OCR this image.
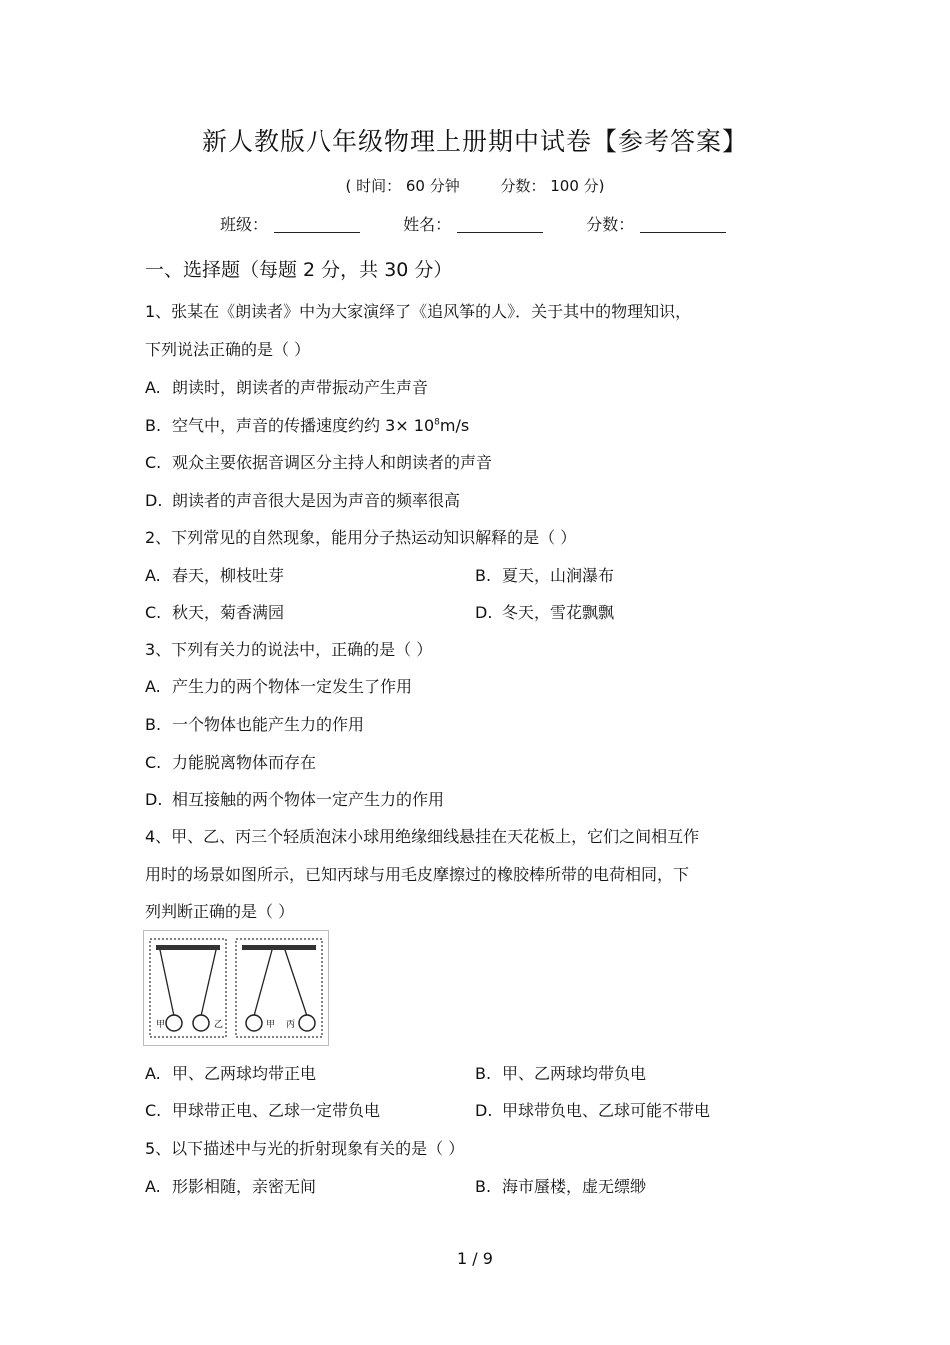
新人教版八年级物理上册期中试卷【参考答案】
( 时间： 60 分钟	分数： 100 分)
班级：	姓名：	分数：
一、选择题（每题 2 分，共 30 分）
1、张某在《朗读者》中为大家演绎了《追风筝的人》．关于其中的物理知识，
下列说法正确的是（ ）
A. 朗读时，朗读者的声带振动产生声音
B. 空气中，声音的传播速度约约 $3\times 10^8m/s$
C. 观众主要依据音调区分主持人和朗读者的声音
D. 朗读者的声音很大是因为声音的频率很高
2、下列常见的自然现象，能用分子热运动知识解释的是（ ）
A. 春天，柳枝吐芽	B. 夏天，山涧瀑布
C. 秋天，菊香满园	D. 冬天，雪花飘飘
3、下列有关力的说法中，正确的是（ ）
A. 产生力的两个物体一定发生了作用
B. 一个物体也能产生力的作用
C. 力能脱离物体而存在
D. 相互接触的两个物体一定产生力的作用
4、甲、乙、丙三个轻质泡沫小球用绝缘细线悬挂在天花板上，它们之间相互作
用时的场景如图所示，已知丙球与用毛皮摩擦过的橡胶棒所带的电荷相同，下
列判断正确的是（ ）
甲	乙	甲 丙
A. 甲、乙两球均带正电	B. 甲、乙两球均带负电
C. 甲球带正电、乙球一定带负电	D. 甲球带负电、乙球可能不带电
5、以下描述中与光的折射现象有关的是（ ）
A. 形影相随，亲密无间	B. 海市蜃楼，虚无缥缈
1 / 9
